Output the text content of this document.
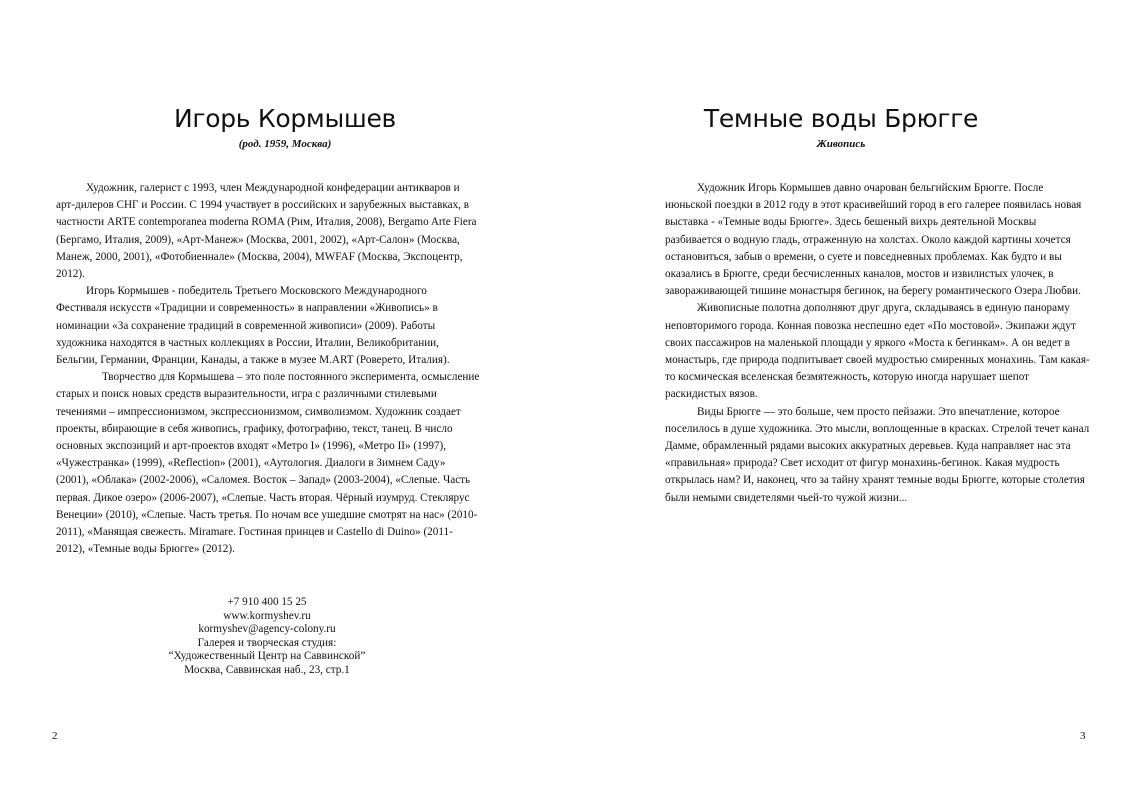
Игорь Кормышев
(род. 1959, Москва)

Художник, галерист с 1993, член Международной конфедерации антикваров и арт-дилеров СНГ и России. С 1994 участвует в российских и зарубежных выставках, в частности ARTE contemporanea moderna ROMA (Рим, Италия, 2008), Bergamo Arte Fiera (Бергамо, Италия, 2009), «Арт-Манеж» (Москва, 2001, 2002), «Арт-Салон» (Москва, Манеж, 2000, 2001), «Фотобиеннале» (Москва, 2004), MWFAF (Москва, Экспоцентр, 2012).

Игорь Кормышев - победитель Третьего Московского Международного Фестиваля искусств «Традиции и современность» в направлении «Живопись» в номинации «За сохранение традиций в современной живописи» (2009). Работы художника находятся в частных коллекциях в России, Италии, Великобритании, Бельгии, Германии, Франции, Канады, а также в музее M.ART (Роверето, Италия).

Творчество для Кормышева – это поле постоянного эксперимента, осмысление старых и поиск новых средств выразительности, игра с различными стилевыми течениями – импрессионизмом, экспрессионизмом, символизмом. Художник создает проекты, вбирающие в себя живопись, графику, фотографию, текст, танец. В число основных экспозиций и арт-проектов входят «Метро I» (1996), «Метро II» (1997), «Чужестранка» (1999), «Reflection» (2001), «Аутология. Диалоги в Зимнем Саду» (2001), «Облака» (2002-2006), «Саломея. Восток – Запад» (2003-2004), «Слепые. Часть первая. Дикое озеро» (2006-2007), «Слепые. Часть вторая. Чёрный изумруд. Стеклярус Венеции» (2010), «Слепые. Часть третья. По ночам все ушедшие смотрят на нас» (2010-2011), «Манящая свежесть. Miramare. Гостиная принцев и Castello di Duino» (2011-2012), «Темные воды Брюгге» (2012).

+7 910 400 15 25
www.kormyshev.ru
kormyshev@agency-colony.ru
Галерея и творческая студия:
“Художественный Центр на Саввинской”
Москва, Саввинская наб., 23, стр.1
2
Темные воды Брюгге
Живопись

Художник Игорь Кормышев давно очарован бельгийским Брюгге. После июньской поездки в 2012 году в этот красивейший город в его галерее появилась новая выставка - «Темные воды Брюгге». Здесь бешеный вихрь деятельной Москвы разбивается о водную гладь, отраженную на холстах. Около каждой картины хочется остановиться, забыв о времени, о суете и повседневных проблемах. Как будто и вы оказались в Брюгге, среди бесчисленных каналов, мостов и извилистых улочек, в завораживающей тишине монастыря бегинок, на берегу романтического Озера Любви.

Живописные полотна дополняют друг друга, складываясь в единую панораму неповторимого города. Конная повозка неспешно едет «По мостовой». Экипажи ждут своих пассажиров на маленькой площади у яркого «Моста к бегинкам». А он ведет в монастырь, где природа подпитывает своей мудростью смиренных монахинь. Там какая-то космическая вселенская безмятежность, которую иногда нарушает шепот раскидистых вязов.

Виды Брюгге — это больше, чем просто пейзажи. Это впечатление, которое поселилось в душе художника. Это мысли, воплощенные в красках. Стрелой течет канал Дамме, обрамленный рядами высоких аккуратных деревьев. Куда направляет нас эта «правильная» природа? Свет исходит от фигур монахинь-бегинок. Какая мудрость открылась нам? И, наконец, что за тайну хранят темные воды Брюгге, которые столетия были немыми свидетелями чьей-то чужой жизни...

3
